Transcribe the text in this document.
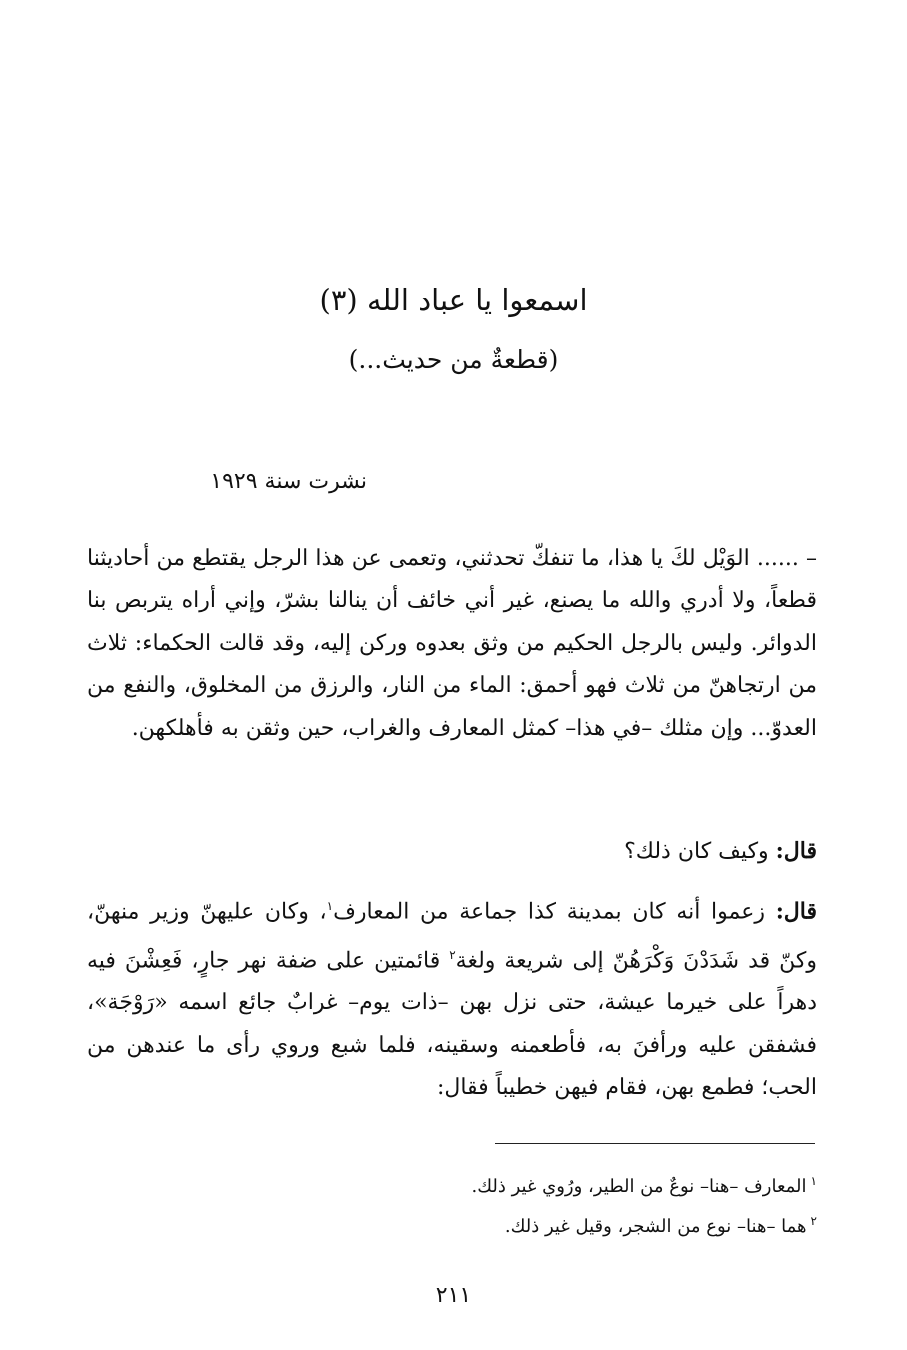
اسمعوا يا عباد الله (٣)
(قطعةٌ من حديث...)
نشرت سنة ١٩٢٩
– ...... الوَيْل لكَ يا هذا، ما تنفكّ تحدثني، وتعمى عن هذا الرجل يقتطع من أحاديثنا قطعاً، ولا أدري والله ما يصنع، غير أني خائف أن ينالنا بشرّ، وإني أراه يتربص بنا الدوائر. وليس بالرجل الحكيم من وثق بعدوه وركن إليه، وقد قالت الحكماء: ثلاث من ارتجاهنّ من ثلاث فهو أحمق: الماء من النار، والرزق من المخلوق، والنفع من العدوّ... وإن مثلك –في هذا– كمثل المعارف والغراب، حين وثقن به فأهلكهن.
قال: وكيف كان ذلك؟
قال: زعموا أنه كان بمدينة كذا جماعة من المعارف$^١$، وكان عليهنّ وزير منهنّ، وكنّ قد شَدَدْنَ وَكْرَهُنّ إلى شريعة ولغة$^٢$ قائمتين على ضفة نهر جارٍ، فَعِشْنَ فيه دهراً على خيرما عيشة، حتى نزل بهن –ذات يوم– غرابٌ جائع اسمه «رَوْجَة»، فشفقن عليه ورأفنَ به، فأطعمنه وسقينه، فلما شبع وروي رأى ما عندهن من الحب؛ فطمع بهن، فقام فيهن خطيباً فقال:
$^١$المعارف –هنا– نوعٌ من الطير، ورُوي غير ذلك.
$^٢$هما –هنا– نوع من الشجر، وقيل غير ذلك.
٢١١
